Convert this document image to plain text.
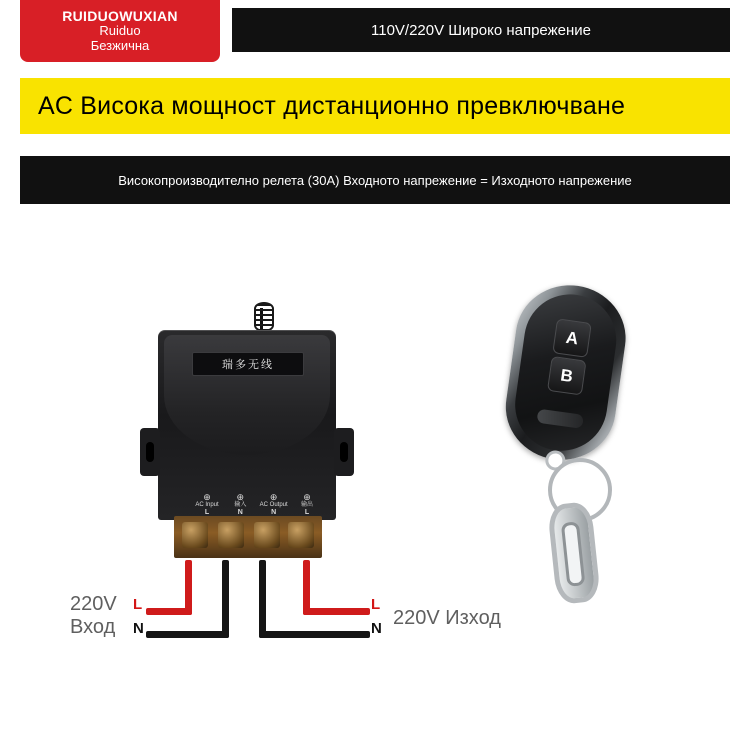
RUIDUOWUXIAN
Ruiduo
Безжична
110V/220V Широко напрежение
AC Висока мощност дистанционно превключване
Високопроизводително релета (30A) Входното напрежение = Изходното напрежение
瑞多无线
⊕
AC Input
L
⊕
输入
N
⊕
AC Output
N
⊕
输出
L
L
N
L
N
220V
Вход	220V Изход
A
B
